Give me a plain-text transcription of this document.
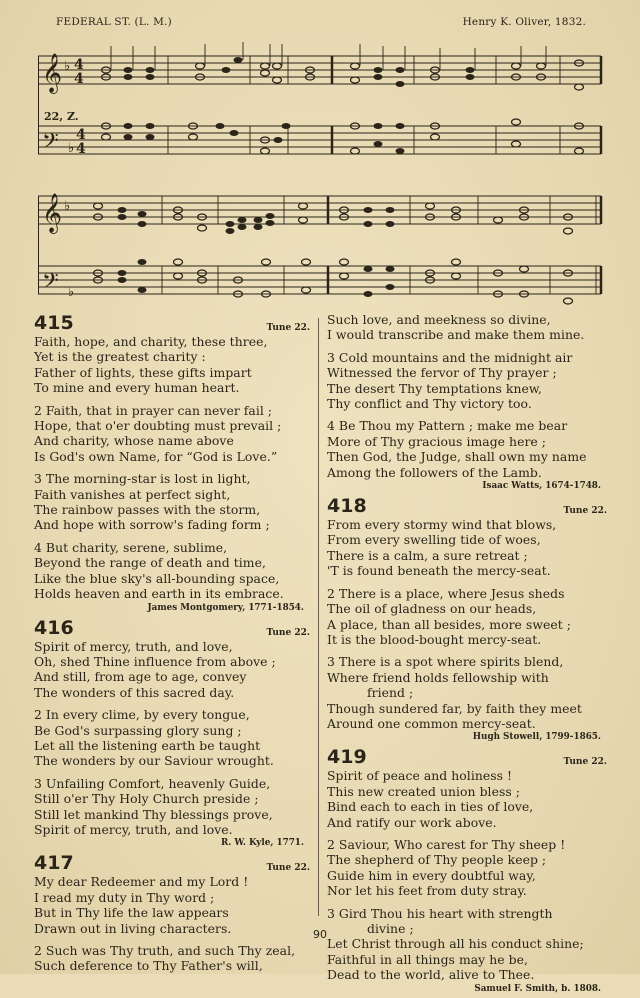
FEDERAL ST. (L. M.)	Henry K. Oliver, 1832.
𝄞 ♭ 4
4
𝄢 ♭
4
4
22, Z.
𝄞 ♭
𝄢 ♭
415	Tune 22.
Faith, hope, and charity, these three,
Yet is the greatest charity :
Father of lights, these gifts impart
To mine and every human heart.
2 Faith, that in prayer can never fail ;
Hope, that o'er doubting must prevail ;
And charity, whose name above
Is God's own Name, for “God is Love.”
3 The morning-star is lost in light,
Faith vanishes at perfect sight,
The rainbow passes with the storm,
And hope with sorrow's fading form ;
4 But charity, serene, sublime,
Beyond the range of death and time,
Like the blue sky's all-bounding space,
Holds heaven and earth in its embrace.
James Montgomery, 1771-1854.
416	Tune 22.
Spirit of mercy, truth, and love,
Oh, shed Thine influence from above ;
And still, from age to age, convey
The wonders of this sacred day.
2 In every clime, by every tongue,
Be God's surpassing glory sung ;
Let all the listening earth be taught
The wonders by our Saviour wrought.
3 Unfailing Comfort, heavenly Guide,
Still o'er Thy Holy Church preside ;
Still let mankind Thy blessings prove,
Spirit of mercy, truth, and love.
R. W. Kyle, 1771.
417	Tune 22.
My dear Redeemer and my Lord !
I read my duty in Thy word ;
But in Thy life the law appears
Drawn out in living characters.
2 Such was Thy truth, and such Thy zeal,
Such deference to Thy Father's will,
Such love, and meekness so divine,
I would transcribe and make them mine.
3 Cold mountains and the midnight air
Witnessed the fervor of Thy prayer ;
The desert Thy temptations knew,
Thy conflict and Thy victory too.
4 Be Thou my Pattern ; make me bear
More of Thy gracious image here ;
Then God, the Judge, shall own my name
Among the followers of the Lamb.
Isaac Watts, 1674-1748.
418	Tune 22.
From every stormy wind that blows,
From every swelling tide of woes,
There is a calm, a sure retreat ;
'T is found beneath the mercy-seat.
2 There is a place, where Jesus sheds
The oil of gladness on our heads,
A place, than all besides, more sweet ;
It is the blood-bought mercy-seat.
3 There is a spot where spirits blend,
Where friend holds fellowship with
friend ;
Though sundered far, by faith they meet
Around one common mercy-seat.
Hugh Stowell, 1799-1865.
419	Tune 22.
Spirit of peace and holiness !
This new created union bless ;
Bind each to each in ties of love,
And ratify our work above.
2 Saviour, Who carest for Thy sheep !
The shepherd of Thy people keep ;
Guide him in every doubtful way,
Nor let his feet from duty stray.
3 Gird Thou his heart with strength
divine ;
Let Christ through all his conduct shine;
Faithful in all things may he be,
Dead to the world, alive to Thee.
Samuel F. Smith, b. 1808.
90
